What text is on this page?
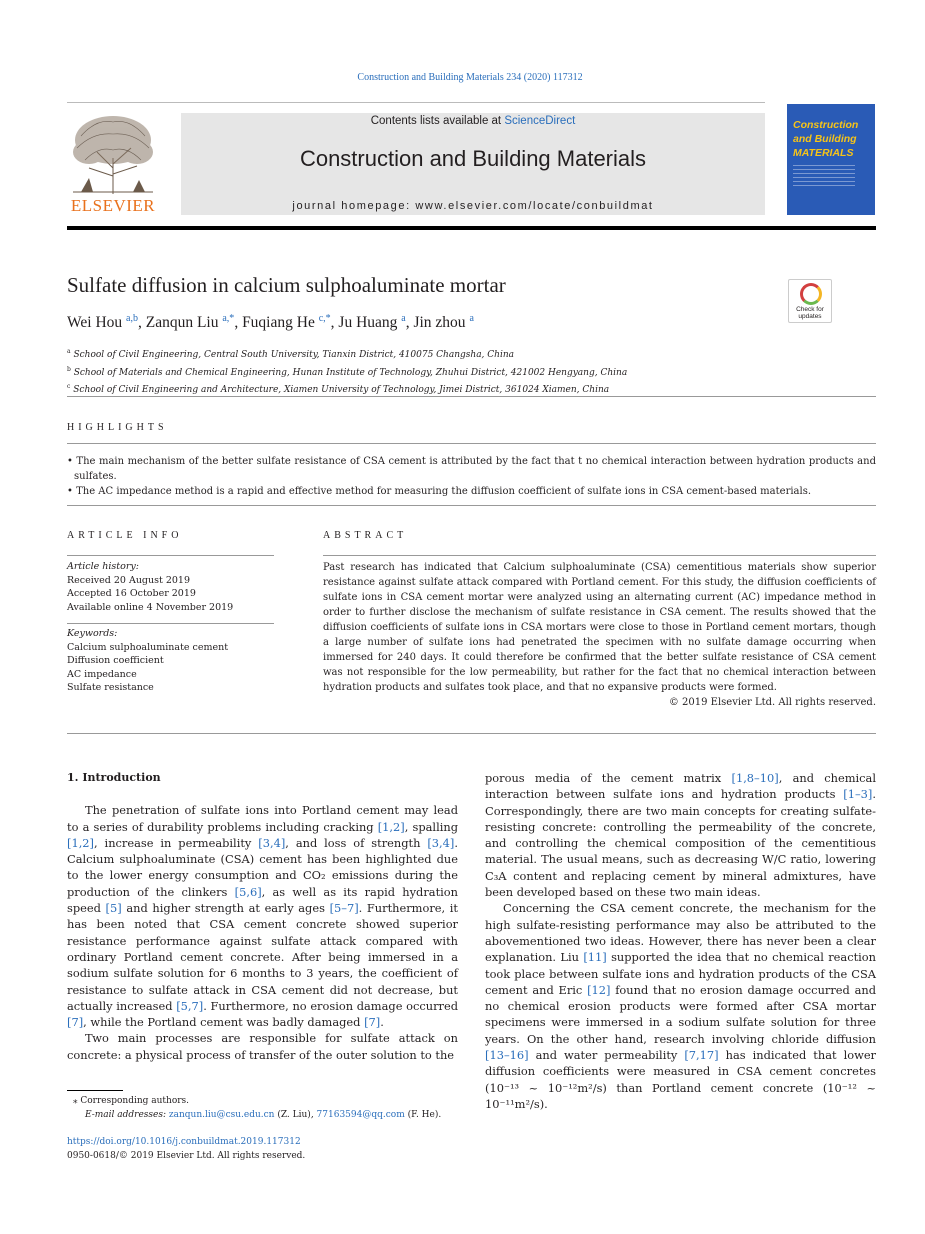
Construction and Building Materials 234 (2020) 117312
ELSEVIER
Contents lists available at ScienceDirect
Construction and Building Materials
journal homepage: www.elsevier.com/locate/conbuildmat
Construction
and Building
MATERIALS
Sulfate diffusion in calcium sulphoaluminate mortar
Check for updates
Wei Hou $^{a,b}$, Zanqun Liu $^{a,*}$, Fuqiang He $^{c,*}$, Ju Huang $^a$, Jin zhou $^a$
$^a$ School of Civil Engineering, Central South University, Tianxin District, 410075 Changsha, China
$^b$ School of Materials and Chemical Engineering, Hunan Institute of Technology, Zhuhui District, 421002 Hengyang, China
$^c$ School of Civil Engineering and Architecture, Xiamen University of Technology, Jimei District, 361024 Xiamen, China
HIGHLIGHTS
• The main mechanism of the better sulfate resistance of CSA cement is attributed by the fact that t no chemical interaction between hydration products and sulfates.
• The AC impedance method is a rapid and effective method for measuring the diffusion coefficient of sulfate ions in CSA cement-based materials.
ARTICLE INFO	ABSTRACT
Article history:
Received 20 August 2019
Accepted 16 October 2019
Available online 4 November 2019
Keywords:
Calcium sulphoaluminate cement
Diffusion coefficient
AC impedance
Sulfate resistance
Past research has indicated that Calcium sulphoaluminate (CSA) cementitious materials show superior resistance against sulfate attack compared with Portland cement. For this study, the diffusion coefficients of sulfate ions in CSA cement mortar were analyzed using an alternating current (AC) impedance method in order to further disclose the mechanism of sulfate resistance in CSA cement. The results showed that the diffusion coefficients of sulfate ions in CSA mortars were close to those in Portland cement mortars, though a large number of sulfate ions had penetrated the specimen with no sulfate damage occurring when immersed for 240 days. It could therefore be confirmed that the better sulfate resistance of CSA cement was not responsible for the low permeability, but rather for the fact that no chemical interaction between hydration products and sulfates took place, and that no expansive products were formed.
© 2019 Elsevier Ltd. All rights reserved.

1. Introduction

The penetration of sulfate ions into Portland cement may lead to a series of durability problems including cracking [1,2], spalling [1,2], increase in permeability [3,4], and loss of strength [3,4]. Calcium sulphoaluminate (CSA) cement has been highlighted due to the lower energy consumption and CO₂ emissions during the production of the clinkers [5,6], as well as its rapid hydration speed [5] and higher strength at early ages [5–7]. Furthermore, it has been noted that CSA cement concrete showed superior resistance performance against sulfate attack compared with ordinary Portland cement concrete. After being immersed in a sodium sulfate solution for 6 months to 3 years, the coefficient of resistance to sulfate attack in CSA cement did not decrease, but actually increased [5,7]. Furthermore, no erosion damage occurred [7], while the Portland cement was badly damaged [7].

Two main processes are responsible for sulfate attack on concrete: a physical process of transfer of the outer solution to the

porous media of the cement matrix [1,8–10], and chemical interaction between sulfate ions and hydration products [1–3]. Correspondingly, there are two main concepts for creating sulfate-resisting concrete: controlling the permeability of the concrete, and controlling the chemical composition of the cementitious material. The usual means, such as decreasing W/C ratio, lowering C₃A content and replacing cement by mineral admixtures, have been developed based on these two main ideas.

Concerning the CSA cement concrete, the mechanism for the high sulfate-resisting performance may also be attributed to the abovementioned two ideas. However, there has never been a clear explanation. Liu [11] supported the idea that no chemical reaction took place between sulfate ions and hydration products of the CSA cement and Eric [12] found that no erosion damage occurred and no chemical erosion products were formed after CSA mortar specimens were immersed in a sodium sulfate solution for three years. On the other hand, research involving chloride diffusion [13–16] and water permeability [7,17] has indicated that lower diffusion coefficients were measured in CSA cement concretes (10⁻¹³ ~ 10⁻¹²m²/s) than Portland cement concrete (10⁻¹² ~ 10⁻¹¹m²/s).

⁎ Corresponding authors.
E-mail addresses: zanqun.liu@csu.edu.cn (Z. Liu), 77163594@qq.com (F. He).
https://doi.org/10.1016/j.conbuildmat.2019.117312
0950-0618/© 2019 Elsevier Ltd. All rights reserved.
